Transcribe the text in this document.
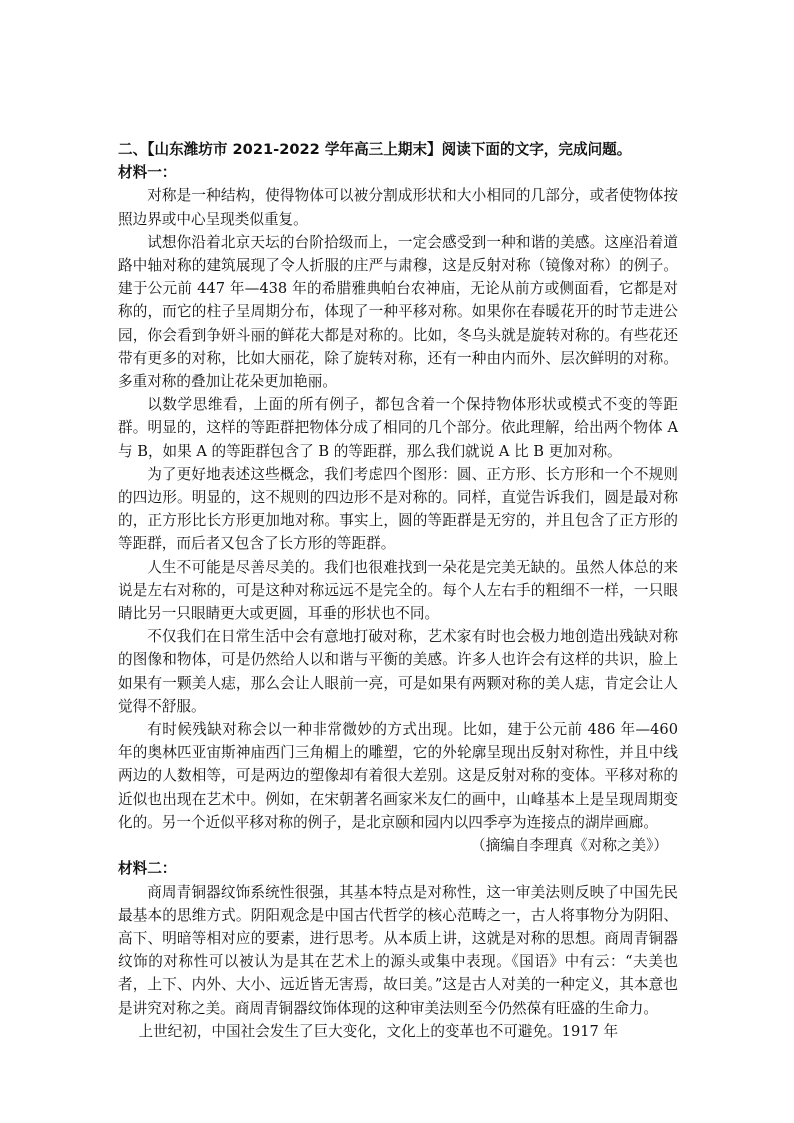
二、【山东潍坊市 2021-2022 学年高三上期末】阅读下面的文字，完成问题。

材料一：

对称是一种结构，使得物体可以被分割成形状和大小相同的几部分，或者使物体按照边界或中心呈现类似重复。

试想你沿着北京天坛的台阶拾级而上，一定会感受到一种和谐的美感。这座沿着道路中轴对称的建筑展现了令人折服的庄严与肃穆，这是反射对称（镜像对称）的例子。建于公元前 447 年—438 年的希腊雅典帕台农神庙，无论从前方或侧面看，它都是对称的，而它的柱子呈周期分布，体现了一种平移对称。如果你在春暖花开的时节走进公园，你会看到争妍斗丽的鲜花大都是对称的。比如，冬乌头就是旋转对称的。有些花还带有更多的对称，比如大丽花，除了旋转对称，还有一种由内而外、层次鲜明的对称。多重对称的叠加让花朵更加艳丽。

以数学思维看，上面的所有例子，都包含着一个保持物体形状或模式不变的等距群。明显的，这样的等距群把物体分成了相同的几个部分。依此理解，给出两个物体 A 与 B，如果 A 的等距群包含了 B 的等距群，那么我们就说 A 比 B 更加对称。

为了更好地表述这些概念，我们考虑四个图形：圆、正方形、长方形和一个不规则的四边形。明显的，这不规则的四边形不是对称的。同样，直觉告诉我们，圆是最对称的，正方形比长方形更加地对称。事实上，圆的等距群是无穷的，并且包含了正方形的等距群，而后者又包含了长方形的等距群。

人生不可能是尽善尽美的。我们也很难找到一朵花是完美无缺的。虽然人体总的来说是左右对称的，可是这种对称远远不是完全的。每个人左右手的粗细不一样，一只眼睛比另一只眼睛更大或更圆，耳垂的形状也不同。

不仅我们在日常生活中会有意地打破对称，艺术家有时也会极力地创造出残缺对称的图像和物体，可是仍然给人以和谐与平衡的美感。许多人也许会有这样的共识，脸上如果有一颗美人痣，那么会让人眼前一亮，可是如果有两颗对称的美人痣，肯定会让人觉得不舒服。

有时候残缺对称会以一种非常微妙的方式出现。比如，建于公元前 486 年—460 年的奥林匹亚宙斯神庙西门三角楣上的雕塑，它的外轮廓呈现出反射对称性，并且中线两边的人数相等，可是两边的塑像却有着很大差别。这是反射对称的变体。平移对称的近似也出现在艺术中。例如，在宋朝著名画家米友仁的画中，山峰基本上是呈现周期变化的。另一个近似平移对称的例子，是北京颐和园内以四季亭为连接点的湖岸画廊。

（摘编自李理真《对称之美》）

材料二：

商周青铜器纹饰系统性很强，其基本特点是对称性，这一审美法则反映了中国先民最基本的思维方式。阴阳观念是中国古代哲学的核心范畴之一，古人将事物分为阴阳、高下、明暗等相对应的要素，进行思考。从本质上讲，这就是对称的思想。商周青铜器纹饰的对称性可以被认为是其在艺术上的源头或集中表现。《国语》中有云：“夫美也者，上下、内外、大小、远近皆无害焉，故曰美。”这是古人对美的一种定义，其本意也是讲究对称之美。商周青铜器纹饰体现的这种审美法则至今仍然葆有旺盛的生命力。

上世纪初，中国社会发生了巨大变化，文化上的变革也不可避免。1917 年
